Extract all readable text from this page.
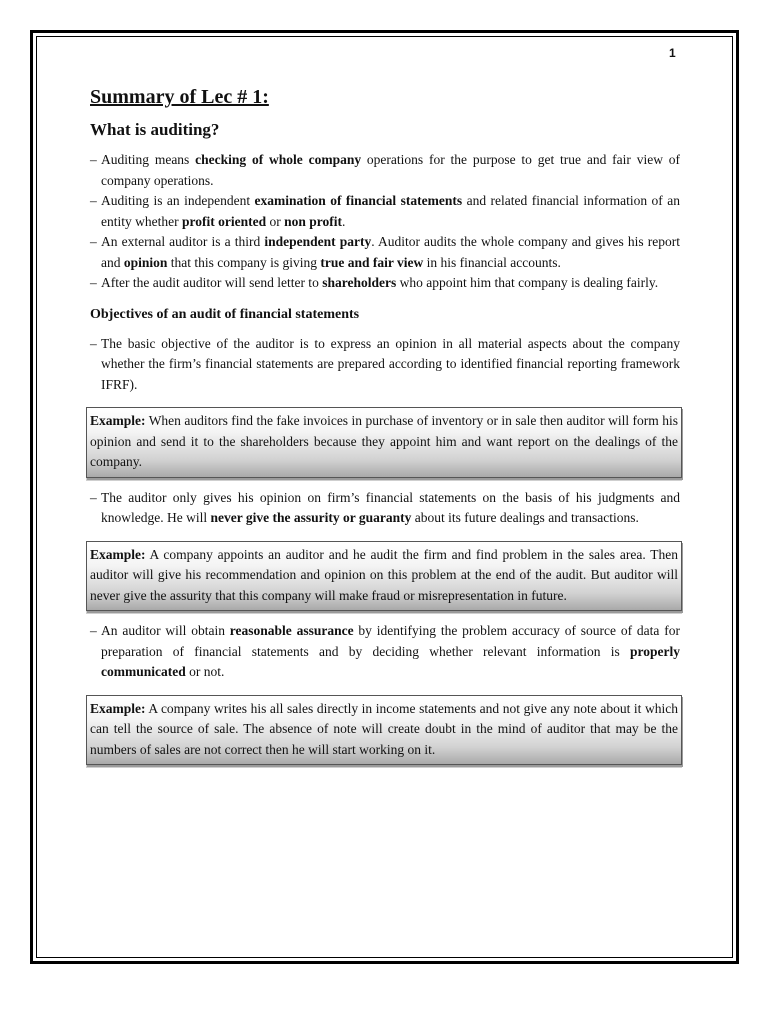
1
Summary of Lec # 1:
What is auditing?
– Auditing means checking of whole company operations for the purpose to get true and fair view of company operations.
– Auditing is an independent examination of financial statements and related financial information of an entity whether profit oriented or non profit.
– An external auditor is a third independent party. Auditor audits the whole company and gives his report and opinion that this company is giving true and fair view in his financial accounts.
– After the audit auditor will send letter to shareholders who appoint him that company is dealing fairly.
Objectives of an audit of financial statements
– The basic objective of the auditor is to express an opinion in all material aspects about the company whether the firm’s financial statements are prepared according to identified financial reporting framework IFRF).
Example: When auditors find the fake invoices in purchase of inventory or in sale then auditor will form his opinion and send it to the shareholders because they appoint him and want report on the dealings of the company.
– The auditor only gives his opinion on firm’s financial statements on the basis of his judgments and knowledge. He will never give the assurity or guaranty about its future dealings and transactions.
Example: A company appoints an auditor and he audit the firm and find problem in the sales area. Then auditor will give his recommendation and opinion on this problem at the end of the audit. But auditor will never give the assurity that this company will make fraud or misrepresentation in future.
– An auditor will obtain reasonable assurance by identifying the problem accuracy of source of data for preparation of financial statements and by deciding whether relevant information is properly communicated or not.
Example: A company writes his all sales directly in income statements and not give any note about it which can tell the source of sale. The absence of note will create doubt in the mind of auditor that may be the numbers of sales are not correct then he will start working on it.
